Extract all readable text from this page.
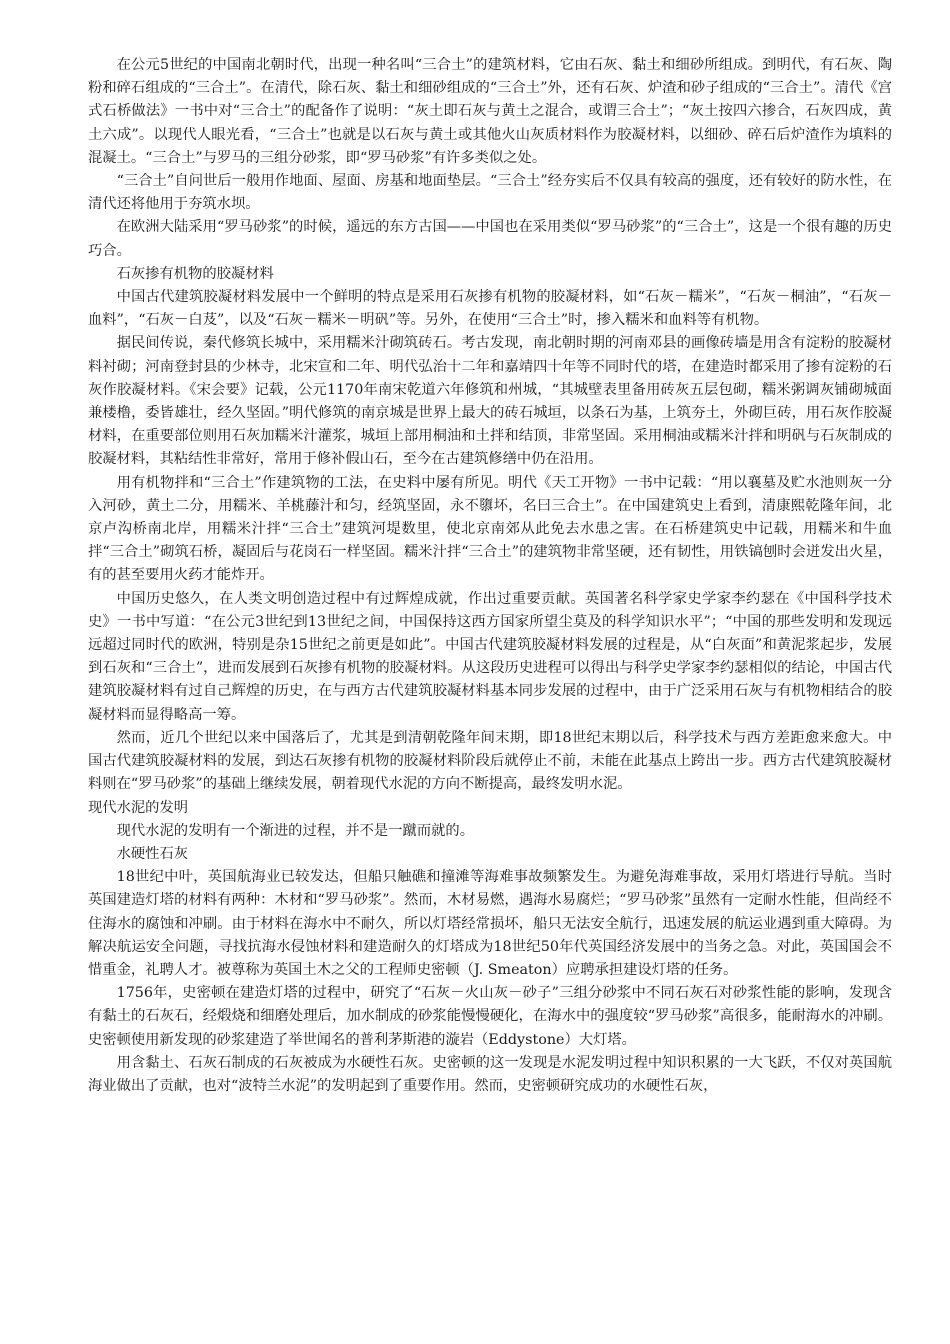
在公元5世纪的中国南北朝时代，出现一种名叫“三合土”的建筑材料，它由石灰、黏土和细砂所组成。到明代，有石灰、陶粉和碎石组成的“三合土”。在清代，除石灰、黏土和细砂组成的“三合土”外，还有石灰、炉渣和砂子组成的“三合土”。清代《宫式石桥做法》一书中对“三合土”的配备作了说明：“灰土即石灰与黄土之混合，或谓三合土”；“灰土按四六掺合，石灰四成，黄土六成”。以现代人眼光看，“三合土”也就是以石灰与黄土或其他火山灰质材料作为胶凝材料，以细砂、碎石后炉渣作为填料的混凝土。“三合土”与罗马的三组分砂浆，即“罗马砂浆”有许多类似之处。

“三合土”自问世后一般用作地面、屋面、房基和地面垫层。“三合土”经夯实后不仅具有较高的强度，还有较好的防水性，在清代还将他用于夯筑水坝。

在欧洲大陆采用“罗马砂浆”的时候，遥远的东方古国——中国也在采用类似“罗马砂浆”的“三合土”，这是一个很有趣的历史巧合。

石灰掺有机物的胶凝材料

中国古代建筑胶凝材料发展中一个鲜明的特点是采用石灰掺有机物的胶凝材料，如“石灰－糯米”，“石灰－桐油”，“石灰－血料”，“石灰－白芨”，以及“石灰－糯米－明矾”等。另外，在使用“三合土”时，掺入糯米和血料等有机物。

据民间传说，秦代修筑长城中，采用糯米汁砌筑砖石。考古发现，南北朝时期的河南邓县的画像砖墙是用含有淀粉的胶凝材料衬砌；河南登封县的少林寺，北宋宣和二年、明代弘治十二年和嘉靖四十年等不同时代的塔，在建造时都采用了掺有淀粉的石灰作胶凝材料。《宋会要》记载，公元1170年南宋乾道六年修筑和州城，“其城壁表里备用砖灰五层包砌，糯米粥调灰铺砌城面兼楼橹，委皆雄壮，经久坚固。”明代修筑的南京城是世界上最大的砖石城垣，以条石为基，上筑夯土，外砌巨砖，用石灰作胶凝材料，在重要部位则用石灰加糯米汁灌浆，城垣上部用桐油和土拌和结顶，非常坚固。采用桐油或糯米汁拌和明矾与石灰制成的胶凝材料，其粘结性非常好，常用于修补假山石，至今在古建筑修缮中仍在沿用。

用有机物拌和“三合土”作建筑物的工法，在史料中屡有所见。明代《天工开物》一书中记载：“用以襄墓及贮水池则灰一分入河砂，黄土二分，用糯米、羊桃藤汁和匀，经筑坚固，永不隳坏，名曰三合土”。在中国建筑史上看到，清康熙乾隆年间，北京卢沟桥南北岸，用糯米汁拌“三合土”建筑河堤数里，使北京南郊从此免去水患之害。在石桥建筑史中记载，用糯米和牛血拌“三合土”砌筑石桥，凝固后与花岗石一样坚固。糯米汁拌“三合土”的建筑物非常坚硬，还有韧性，用铁镐刨时会迸发出火星，有的甚至要用火药才能炸开。

中国历史悠久，在人类文明创造过程中有过辉煌成就，作出过重要贡献。英国著名科学家史学家李约瑟在《中国科学技术史》一书中写道：“在公元3世纪到13世纪之间，中国保持这西方国家所望尘莫及的科学知识水平”；“中国的那些发明和发现远远超过同时代的欧洲，特别是杂15世纪之前更是如此”。中国古代建筑胶凝材料发展的过程是，从“白灰面”和黄泥浆起步，发展到石灰和“三合土”，进而发展到石灰掺有机物的胶凝材料。从这段历史进程可以得出与科学史学家李约瑟相似的结论，中国古代建筑胶凝材料有过自己辉煌的历史，在与西方古代建筑胶凝材料基本同步发展的过程中，由于广泛采用石灰与有机物相结合的胶凝材料而显得略高一筹。

然而，近几个世纪以来中国落后了，尤其是到清朝乾隆年间末期，即18世纪末期以后，科学技术与西方差距愈来愈大。中国古代建筑胶凝材料的发展，到达石灰掺有机物的胶凝材料阶段后就停止不前，未能在此基点上跨出一步。西方古代建筑胶凝材料则在“罗马砂浆”的基础上继续发展，朝着现代水泥的方向不断提高，最终发明水泥。

现代水泥的发明

现代水泥的发明有一个渐进的过程，并不是一蹴而就的。

水硬性石灰

18世纪中叶，英国航海业已较发达，但船只触礁和撞滩等海难事故频繁发生。为避免海难事故，采用灯塔进行导航。当时英国建造灯塔的材料有两种：木材和“罗马砂浆”。然而，木材易燃，遇海水易腐烂；“罗马砂浆”虽然有一定耐水性能，但尚经不住海水的腐蚀和冲刷。由于材料在海水中不耐久，所以灯塔经常损坏，船只无法安全航行，迅速发展的航运业遇到重大障碍。为解决航运安全问题，寻找抗海水侵蚀材料和建造耐久的灯塔成为18世纪50年代英国经济发展中的当务之急。对此，英国国会不惜重金，礼聘人才。被尊称为英国土木之父的工程师史密顿（J. Smeaton）应聘承担建设灯塔的任务。

1756年，史密顿在建造灯塔的过程中，研究了“石灰－火山灰－砂子”三组分砂浆中不同石灰石对砂浆性能的影响，发现含有黏土的石灰石，经煅烧和细磨处理后，加水制成的砂浆能慢慢硬化，在海水中的强度较“罗马砂浆”高很多，能耐海水的冲刷。史密顿使用新发现的砂浆建造了举世闻名的普利茅斯港的漩岩（Eddystone）大灯塔。

用含黏土、石灰石制成的石灰被成为水硬性石灰。史密顿的这一发现是水泥发明过程中知识积累的一大飞跃，不仅对英国航海业做出了贡献，也对“波特兰水泥”的发明起到了重要作用。然而，史密顿研究成功的水硬性石灰，
